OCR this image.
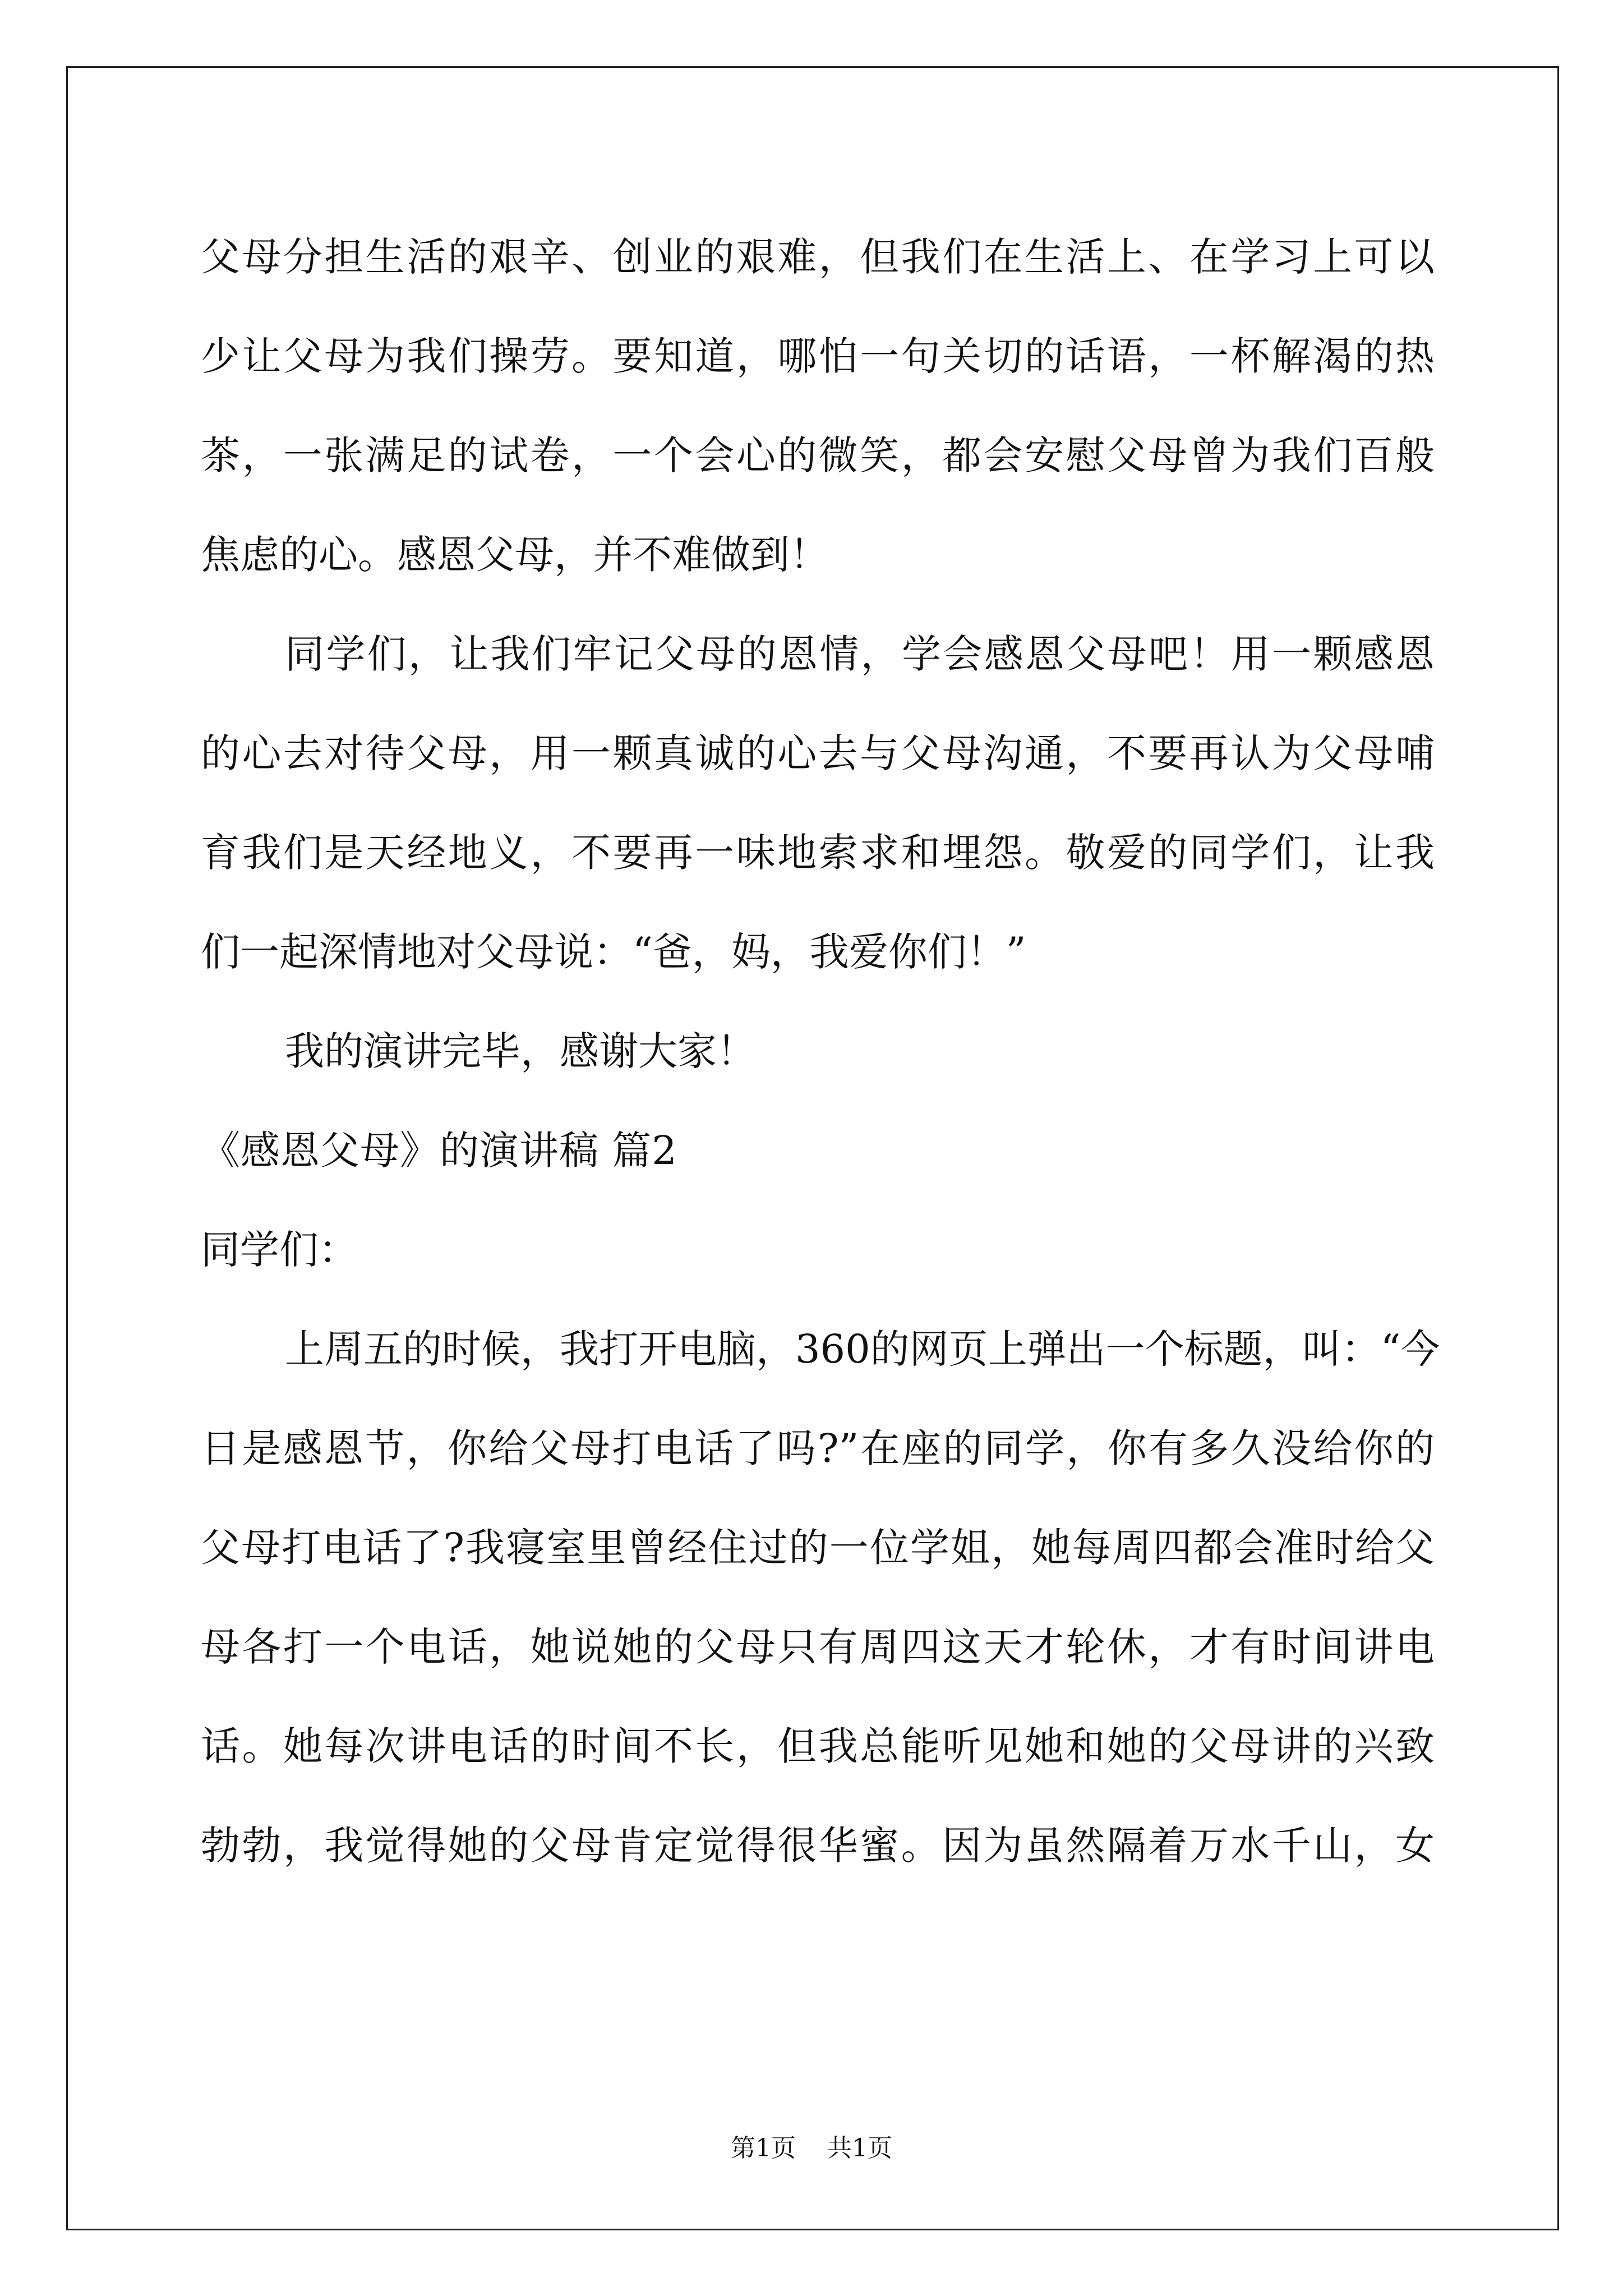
父母分担生活的艰辛、创业的艰难，但我们在生活上、在学习上可以
少让父母为我们操劳。要知道，哪怕一句关切的话语，一杯解渴的热
茶，一张满足的试卷，一个会心的微笑，都会安慰父母曾为我们百般
焦虑的心。感恩父母，并不难做到！
同学们，让我们牢记父母的恩情，学会感恩父母吧！用一颗感恩
的心去对待父母，用一颗真诚的心去与父母沟通，不要再认为父母哺
育我们是天经地义，不要再一味地索求和埋怨。敬爱的同学们，让我
们一起深情地对父母说：“爸，妈，我爱你们！”
我的演讲完毕，感谢大家！
《感恩父母》的演讲稿 篇2
同学们：
上周五的时候，我打开电脑，360的网页上弹出一个标题，叫：“今
日是感恩节，你给父母打电话了吗?”在座的同学，你有多久没给你的
父母打电话了?我寝室里曾经住过的一位学姐，她每周四都会准时给父
母各打一个电话，她说她的父母只有周四这天才轮休，才有时间讲电
话。她每次讲电话的时间不长，但我总能听见她和她的父母讲的兴致
勃勃，我觉得她的父母肯定觉得很华蜜。因为虽然隔着万水千山，女
第1页 共1页
